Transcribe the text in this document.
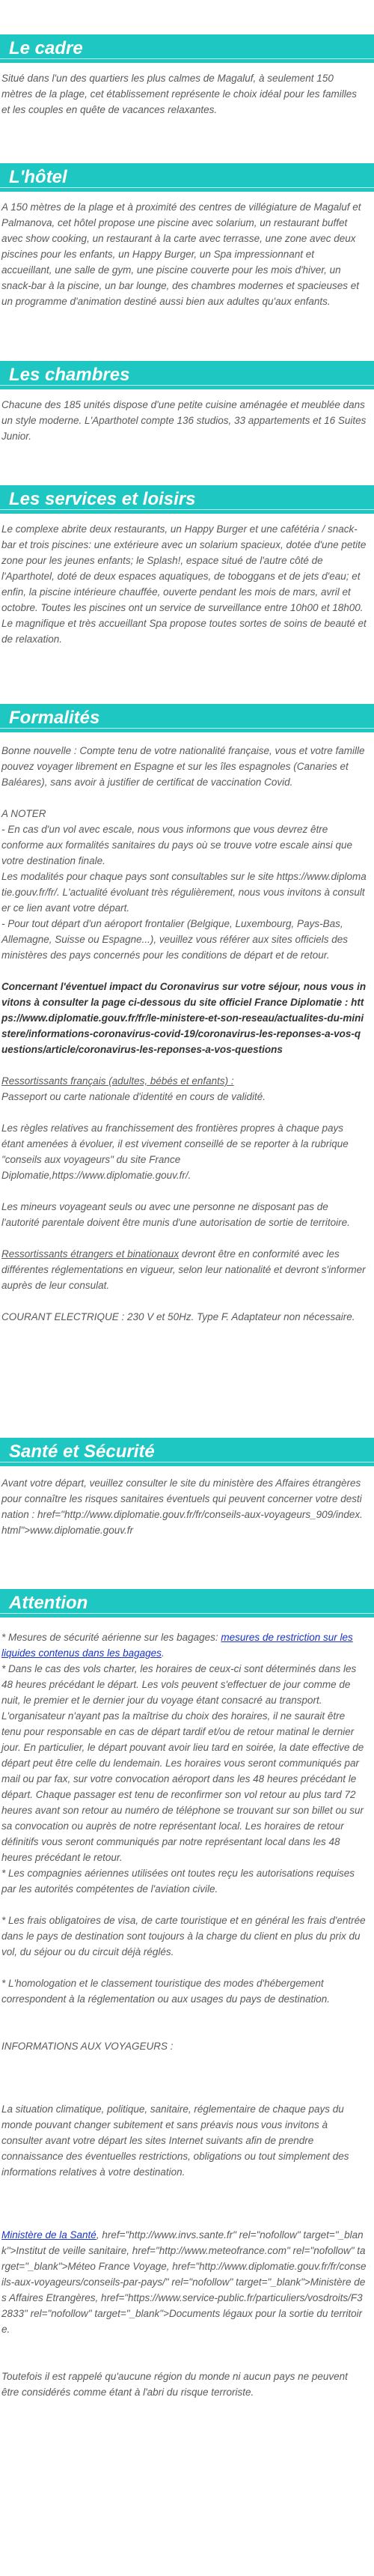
Le cadre

Situé dans l'un des quartiers les plus calmes de Magaluf, à seulement 150 mètres de la plage, cet établissement représente le choix idéal pour les familles et les couples en quête de vacances relaxantes.

L'hôtel

A 150 mètres de la plage et à proximité des centres de villégiature de Magaluf et Palmanova, cet hôtel propose une piscine avec solarium, un restaurant buffet avec show cooking, un restaurant à la carte avec terrasse, une zone avec deux piscines pour les enfants, un Happy Burger, un Spa impressionnant et accueillant, une salle de gym, une piscine couverte pour les mois d'hiver, un snack-bar à la piscine, un bar lounge, des chambres modernes et spacieuses et un programme d'animation destiné aussi bien aux adultes qu'aux enfants.

Les chambres

Chacune des 185 unités dispose d'une petite cuisine aménagée et meublée dans un style moderne. L'Aparthotel compte 136 studios, 33 appartements et 16 Suites Junior.

Les services et loisirs

Le complexe abrite deux restaurants, un Happy Burger et une cafétéria / snack-bar et trois piscines: une extérieure avec un solarium spacieux, dotée d'une petite zone pour les jeunes enfants; le Splash!, espace situé de l'autre côté de l'Aparthotel, doté de deux espaces aquatiques, de toboggans et de jets d'eau; et enfin, la piscine intérieure chauffée, ouverte pendant les mois de mars, avril et octobre. Toutes les piscines ont un service de surveillance entre 10h00 et 18h00. Le magnifique et très accueillant Spa propose toutes sortes de soins de beauté et de relaxation.

Formalités

Bonne nouvelle : Compte tenu de votre nationalité française, vous et votre famille pouvez voyager librement en Espagne et sur les îles espagnoles (Canaries et Baléares), sans avoir à justifier de certificat de vaccination Covid.

A NOTER

- En cas d'un vol avec escale, nous vous informons que vous devrez être conforme aux formalités sanitaires du pays où se trouve votre escale ainsi que votre destination finale.

Les modalités pour chaque pays sont consultables sur le site https://www.diplomatie.gouv.fr/fr/. L'actualité évoluant très régulièrement, nous vous invitons à consulter ce lien avant votre départ.

- Pour tout départ d'un aéroport frontalier (Belgique, Luxembourg, Pays-Bas, Allemagne, Suisse ou Espagne...), veuillez vous référer aux sites officiels des ministères des pays concernés pour les conditions de départ et de retour.

Concernant l'éventuel impact du Coronavirus sur votre séjour, nous vous invitons à consulter la page ci-dessous du site officiel France Diplomatie : https://www.diplomatie.gouv.fr/fr/le-ministere-et-son-reseau/actualites-du-ministere/informations-coronavirus-covid-19/coronavirus-les-reponses-a-vos-questions/article/coronavirus-les-reponses-a-vos-questions

Ressortissants français (adultes, bébés et enfants) :

Passeport ou carte nationale d'identité en cours de validité.

Les règles relatives au franchissement des frontières propres à chaque pays étant amenées à évoluer, il est vivement conseillé de se reporter à la rubrique "conseils aux voyageurs" du site France Diplomatie,https://www.diplomatie.gouv.fr/.

Les mineurs voyageant seuls ou avec une personne ne disposant pas de l'autorité parentale doivent être munis d'une autorisation de sortie de territoire.

Ressortissants étrangers et binationaux devront être en conformité avec les différentes réglementations en vigueur, selon leur nationalité et devront s'informer auprès de leur consulat.

COURANT ELECTRIQUE : 230 V et 50Hz. Type F. Adaptateur non nécessaire.

Santé et Sécurité

Avant votre départ, veuillez consulter le site du ministère des Affaires étrangères pour connaître les risques sanitaires éventuels qui peuvent concerner votre destination : href="http://www.diplomatie.gouv.fr/fr/conseils-aux-voyageurs_909/index.html">www.diplomatie.gouv.fr

Attention

* Mesures de sécurité aérienne sur les bagages: mesures de restriction sur les liquides contenus dans les bagages.

* Dans le cas des vols charter, les horaires de ceux-ci sont déterminés dans les 48 heures précédant le départ. Les vols peuvent s'effectuer de jour comme de nuit, le premier et le dernier jour du voyage étant consacré au transport. L'organisateur n'ayant pas la maîtrise du choix des horaires, il ne saurait être tenu pour responsable en cas de départ tardif et/ou de retour matinal le dernier jour. En particulier, le départ pouvant avoir lieu tard en soirée, la date effective de départ peut être celle du lendemain. Les horaires vous seront communiqués par mail ou par fax, sur votre convocation aéroport dans les 48 heures précédant le départ. Chaque passager est tenu de reconfirmer son vol retour au plus tard 72 heures avant son retour au numéro de téléphone se trouvant sur son billet ou sur sa convocation ou auprès de notre représentant local. Les horaires de retour définitifs vous seront communiqués par notre représentant local dans les 48 heures précédant le retour.

* Les compagnies aériennes utilisées ont toutes reçu les autorisations requises par les autorités compétentes de l'aviation civile.

* Les frais obligatoires de visa, de carte touristique et en général les frais d'entrée dans le pays de destination sont toujours à la charge du client en plus du prix du vol, du séjour ou du circuit déjà réglés.

* L'homologation et le classement touristique des modes d'hébergement correspondent à la réglementation ou aux usages du pays de destination.

INFORMATIONS AUX VOYAGEURS :

La situation climatique, politique, sanitaire, réglementaire de chaque pays du monde pouvant changer subitement et sans préavis nous vous invitons à consulter avant votre départ les sites Internet suivants afin de prendre connaissance des éventuelles restrictions, obligations ou tout simplement des informations relatives à votre destination.

Ministère de la Santé, href="http://www.invs.sante.fr" rel="nofollow" target="_blank">Institut de veille sanitaire, href="http://www.meteofrance.com" rel="nofollow" target="_blank">Méteo France Voyage, href="http://www.diplomatie.gouv.fr/fr/conseils-aux-voyageurs/conseils-par-pays/" rel="nofollow" target="_blank">Ministère des Affaires Etrangères, href="https://www.service-public.fr/particuliers/vosdroits/F32833" rel="nofollow" target="_blank">Documents légaux pour la sortie du territoire.

Toutefois il est rappelé qu'aucune région du monde ni aucun pays ne peuvent être considérés comme étant à l'abri du risque terroriste.
